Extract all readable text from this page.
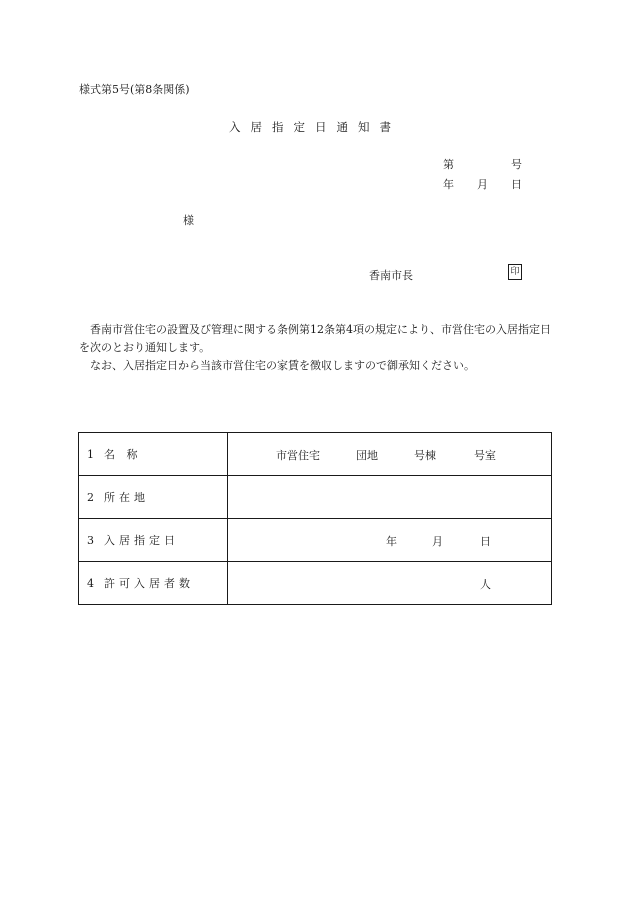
様式第5号(第8条関係)
入居指定日通知書
第	号
年 月 日
様
香南市長	印
香南市営住宅の設置及び管理に関する条例第12条第4項の規定により、市営住宅の入居指定日を次のとおり通知します。
なお、入居指定日から当該市営住宅の家賃を徴収しますので御承知ください。
1 名 称	市営住宅 団地 号棟 号室

2 所在地	
3 入居指定日	年 月 日

4 許可入居者数	人
